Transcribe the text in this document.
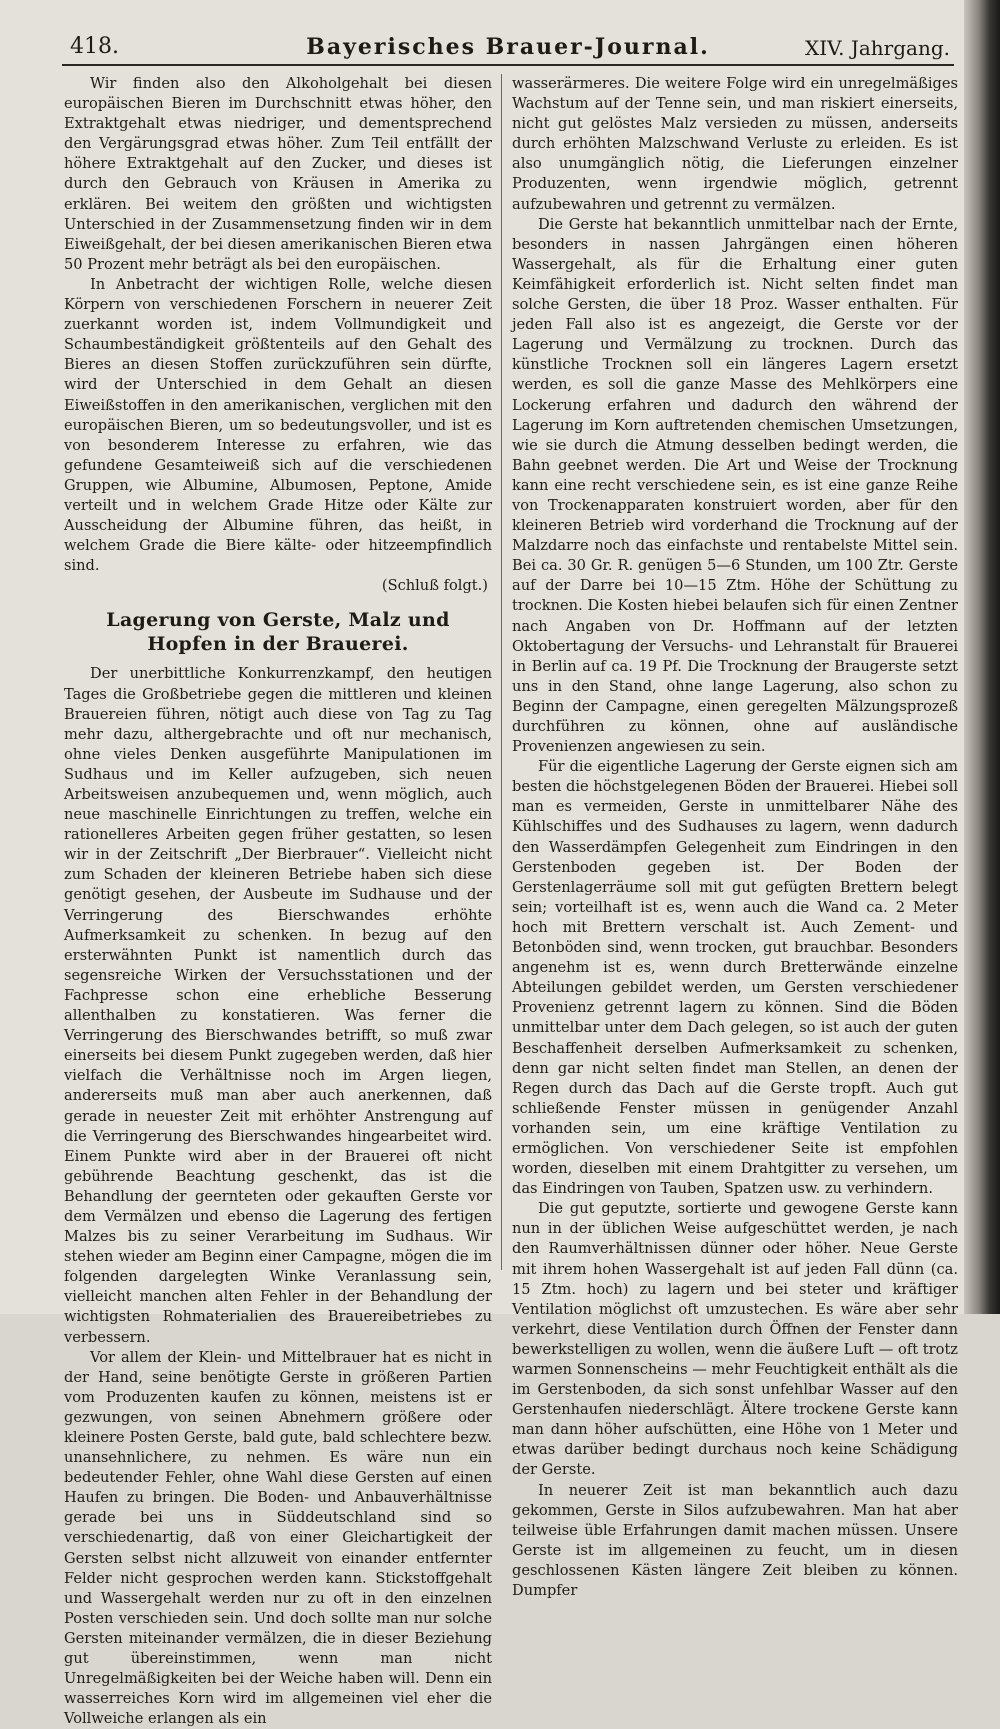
418.	Bayerisches Brauer-Journal.	XIV. Jahrgang.

Wir finden also den Alkoholgehalt bei diesen europäischen Bieren im Durchschnitt etwas höher, den Extraktgehalt etwas niedriger, und dementsprechend den Vergärungsgrad etwas höher. Zum Teil entfällt der höhere Extraktgehalt auf den Zucker, und dieses ist durch den Gebrauch von Kräusen in Amerika zu erklären. Bei weitem den größten und wichtigsten Unterschied in der Zusammensetzung finden wir in dem Eiweißgehalt, der bei diesen amerikanischen Bieren etwa 50 Prozent mehr beträgt als bei den europäischen.

In Anbetracht der wichtigen Rolle, welche diesen Körpern von verschiedenen Forschern in neuerer Zeit zuerkannt worden ist, indem Vollmundigkeit und Schaumbeständigkeit größtenteils auf den Gehalt des Bieres an diesen Stoffen zurückzuführen sein dürfte, wird der Unterschied in dem Gehalt an diesen Eiweißstoffen in den amerikanischen, verglichen mit den europäischen Bieren, um so bedeutungsvoller, und ist es von besonderem Interesse zu erfahren, wie das gefundene Gesamteiweiß sich auf die verschiedenen Gruppen, wie Albumine, Albumosen, Peptone, Amide verteilt und in welchem Grade Hitze oder Kälte zur Ausscheidung der Albumine führen, das heißt, in welchem Grade die Biere kälte- oder hitzeempfindlich sind.

(Schluß folgt.)
Lagerung von Gerste, Malz und Hopfen in der Brauerei.

Der unerbittliche Konkurrenzkampf, den heutigen Tages die Großbetriebe gegen die mittleren und kleinen Brauereien führen, nötigt auch diese von Tag zu Tag mehr dazu, althergebrachte und oft nur mechanisch, ohne vieles Denken ausgeführte Manipulationen im Sudhaus und im Keller aufzugeben, sich neuen Arbeitsweisen anzubequemen und, wenn möglich, auch neue maschinelle Einrichtungen zu treffen, welche ein rationelleres Arbeiten gegen früher gestatten, so lesen wir in der Zeitschrift „Der Bierbrauer“. Vielleicht nicht zum Schaden der kleineren Betriebe haben sich diese genötigt gesehen, der Ausbeute im Sudhause und der Verringerung des Bierschwandes erhöhte Aufmerksamkeit zu schenken. In bezug auf den ersterwähnten Punkt ist namentlich durch das segensreiche Wirken der Versuchsstationen und der Fachpresse schon eine erhebliche Besserung allenthalben zu konstatieren. Was ferner die Verringerung des Bierschwandes betrifft, so muß zwar einerseits bei diesem Punkt zugegeben werden, daß hier vielfach die Verhältnisse noch im Argen liegen, andererseits muß man aber auch anerkennen, daß gerade in neuester Zeit mit erhöhter Anstrengung auf die Verringerung des Bierschwandes hingearbeitet wird. Einem Punkte wird aber in der Brauerei oft nicht gebührende Beachtung geschenkt, das ist die Behandlung der geernteten oder gekauften Gerste vor dem Vermälzen und ebenso die Lagerung des fertigen Malzes bis zu seiner Verarbeitung im Sudhaus. Wir stehen wieder am Beginn einer Campagne, mögen die im folgenden dargelegten Winke Veranlassung sein, vielleicht manchen alten Fehler in der Behandlung der wichtigsten Rohmaterialien des Brauereibetriebes zu verbessern.

Vor allem der Klein- und Mittelbrauer hat es nicht in der Hand, seine benötigte Gerste in größeren Partien vom Produzenten kaufen zu können, meistens ist er gezwungen, von seinen Abnehmern größere oder kleinere Posten Gerste, bald gute, bald schlechtere bezw. unansehnlichere, zu nehmen. Es wäre nun ein bedeutender Fehler, ohne Wahl diese Gersten auf einen Haufen zu bringen. Die Boden- und Anbauverhältnisse gerade bei uns in Süddeutschland sind so verschiedenartig, daß von einer Gleichartigkeit der Gersten selbst nicht allzuweit von einander entfernter Felder nicht gesprochen werden kann. Stickstoffgehalt und Wassergehalt werden nur zu oft in den einzelnen Posten verschieden sein. Und doch sollte man nur solche Gersten miteinander vermälzen, die in dieser Beziehung gut übereinstimmen, wenn man nicht Unregelmäßigkeiten bei der Weiche haben will. Denn ein wasserreiches Korn wird im allgemeinen viel eher die Vollweiche erlangen als ein

wasserärmeres. Die weitere Folge wird ein unregelmäßiges Wachstum auf der Tenne sein, und man riskiert einerseits, nicht gut gelöstes Malz versieden zu müssen, anderseits durch erhöhten Malzschwand Verluste zu erleiden. Es ist also unumgänglich nötig, die Lieferungen einzelner Produzenten, wenn irgendwie möglich, getrennt aufzubewahren und getrennt zu vermälzen.

Die Gerste hat bekanntlich unmittelbar nach der Ernte, besonders in nassen Jahrgängen einen höheren Wassergehalt, als für die Erhaltung einer guten Keimfähigkeit erforderlich ist. Nicht selten findet man solche Gersten, die über 18 Proz. Wasser enthalten. Für jeden Fall also ist es angezeigt, die Gerste vor der Lagerung und Vermälzung zu trocknen. Durch das künstliche Trocknen soll ein längeres Lagern ersetzt werden, es soll die ganze Masse des Mehlkörpers eine Lockerung erfahren und dadurch den während der Lagerung im Korn auftretenden chemischen Umsetzungen, wie sie durch die Atmung desselben bedingt werden, die Bahn geebnet werden. Die Art und Weise der Trocknung kann eine recht verschiedene sein, es ist eine ganze Reihe von Trockenapparaten konstruiert worden, aber für den kleineren Betrieb wird vorderhand die Trocknung auf der Malzdarre noch das einfachste und rentabelste Mittel sein. Bei ca. 30 Gr. R. genügen 5—6 Stunden, um 100 Ztr. Gerste auf der Darre bei 10—15 Ztm. Höhe der Schüttung zu trocknen. Die Kosten hiebei belaufen sich für einen Zentner nach Angaben von Dr. Hoffmann auf der letzten Oktobertagung der Versuchs- und Lehranstalt für Brauerei in Berlin auf ca. 19 Pf. Die Trocknung der Braugerste setzt uns in den Stand, ohne lange Lagerung, also schon zu Beginn der Campagne, einen geregelten Mälzungsprozeß durchführen zu können, ohne auf ausländische Provenienzen angewiesen zu sein.

Für die eigentliche Lagerung der Gerste eignen sich am besten die höchstgelegenen Böden der Brauerei. Hiebei soll man es vermeiden, Gerste in unmittelbarer Nähe des Kühlschiffes und des Sudhauses zu lagern, wenn dadurch den Wasserdämpfen Gelegenheit zum Eindringen in den Gerstenboden gegeben ist. Der Boden der Gerstenlagerräume soll mit gut gefügten Brettern belegt sein; vorteilhaft ist es, wenn auch die Wand ca. 2 Meter hoch mit Brettern verschalt ist. Auch Zement- und Betonböden sind, wenn trocken, gut brauchbar. Besonders angenehm ist es, wenn durch Bretterwände einzelne Abteilungen gebildet werden, um Gersten verschiedener Provenienz getrennt lagern zu können. Sind die Böden unmittelbar unter dem Dach gelegen, so ist auch der guten Beschaffenheit derselben Aufmerksamkeit zu schenken, denn gar nicht selten findet man Stellen, an denen der Regen durch das Dach auf die Gerste tropft. Auch gut schließende Fenster müssen in genügender Anzahl vorhanden sein, um eine kräftige Ventilation zu ermöglichen. Von verschiedener Seite ist empfohlen worden, dieselben mit einem Drahtgitter zu versehen, um das Eindringen von Tauben, Spatzen usw. zu verhindern.

Die gut geputzte, sortierte und gewogene Gerste kann nun in der üblichen Weise aufgeschüttet werden, je nach den Raumverhältnissen dünner oder höher. Neue Gerste mit ihrem hohen Wassergehalt ist auf jeden Fall dünn (ca. 15 Ztm. hoch) zu lagern und bei steter und kräftiger Ventilation möglichst oft umzustechen. Es wäre aber sehr verkehrt, diese Ventilation durch Öffnen der Fenster dann bewerkstelligen zu wollen, wenn die äußere Luft — oft trotz warmen Sonnenscheins — mehr Feuchtigkeit enthält als die im Gerstenboden, da sich sonst unfehlbar Wasser auf den Gerstenhaufen niederschlägt. Ältere trockene Gerste kann man dann höher aufschütten, eine Höhe von 1 Meter und etwas darüber bedingt durchaus noch keine Schädigung der Gerste.

In neuerer Zeit ist man bekanntlich auch dazu gekommen, Gerste in Silos aufzubewahren. Man hat aber teilweise üble Erfahrungen damit machen müssen. Unsere Gerste ist im allgemeinen zu feucht, um in diesen geschlossenen Kästen längere Zeit bleiben zu können. Dumpfer
